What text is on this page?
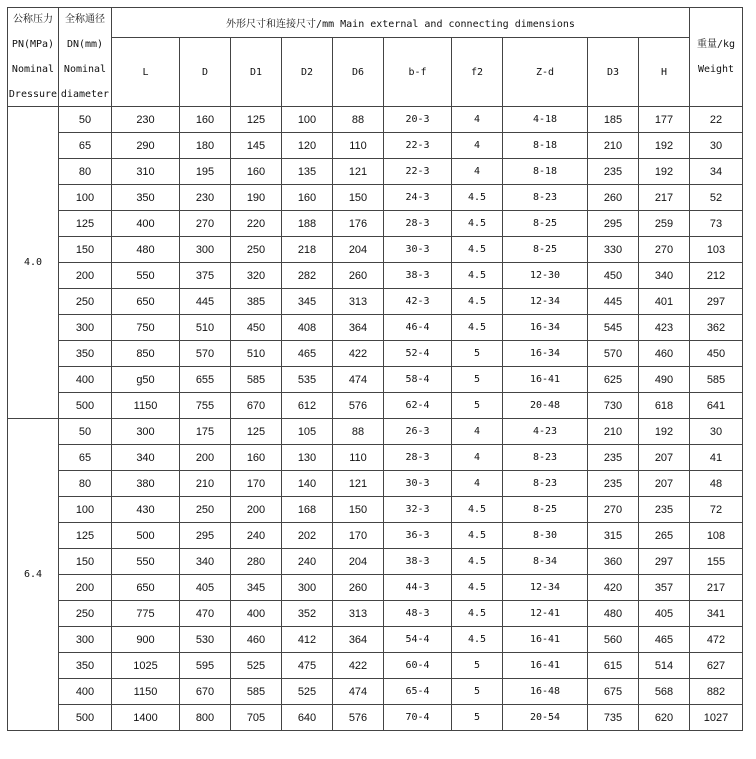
公称压力
PN(MPa)
Nominal
Dressure	全称通径
DN(mm)
Nominal
diameter	外形尺寸和连接尺寸/mm Main external and connecting dimensions										重量/kg
Weight

		L	D	D1	D2	D6	b-f	f2	Z-d	D3	H	
4.0	50	230	160	125	100	88	20-3	4	4-18	185	177	22
	65	290	180	145	120	110	22-3	4	8-18	210	192	30
	80	310	195	160	135	121	22-3	4	8-18	235	192	34
	100	350	230	190	160	150	24-3	4.5	8-23	260	217	52
	125	400	270	220	188	176	28-3	4.5	8-25	295	259	73
	150	480	300	250	218	204	30-3	4.5	8-25	330	270	103
	200	550	375	320	282	260	38-3	4.5	12-30	450	340	212
	250	650	445	385	345	313	42-3	4.5	12-34	445	401	297
	300	750	510	450	408	364	46-4	4.5	16-34	545	423	362
	350	850	570	510	465	422	52-4	5	16-34	570	460	450
	400	g50	655	585	535	474	58-4	5	16-41	625	490	585
	500	1150	755	670	612	576	62-4	5	20-48	730	618	641
6.4	50	300	175	125	105	88	26-3	4	4-23	210	192	30
	65	340	200	160	130	110	28-3	4	8-23	235	207	41
	80	380	210	170	140	121	30-3	4	8-23	235	207	48
	100	430	250	200	168	150	32-3	4.5	8-25	270	235	72
	125	500	295	240	202	170	36-3	4.5	8-30	315	265	108
	150	550	340	280	240	204	38-3	4.5	8-34	360	297	155
	200	650	405	345	300	260	44-3	4.5	12-34	420	357	217
	250	775	470	400	352	313	48-3	4.5	12-41	480	405	341
	300	900	530	460	412	364	54-4	4.5	16-41	560	465	472
	350	1025	595	525	475	422	60-4	5	16-41	615	514	627
	400	1150	670	585	525	474	65-4	5	16-48	675	568	882
	500	1400	800	705	640	576	70-4	5	20-54	735	620	1027
